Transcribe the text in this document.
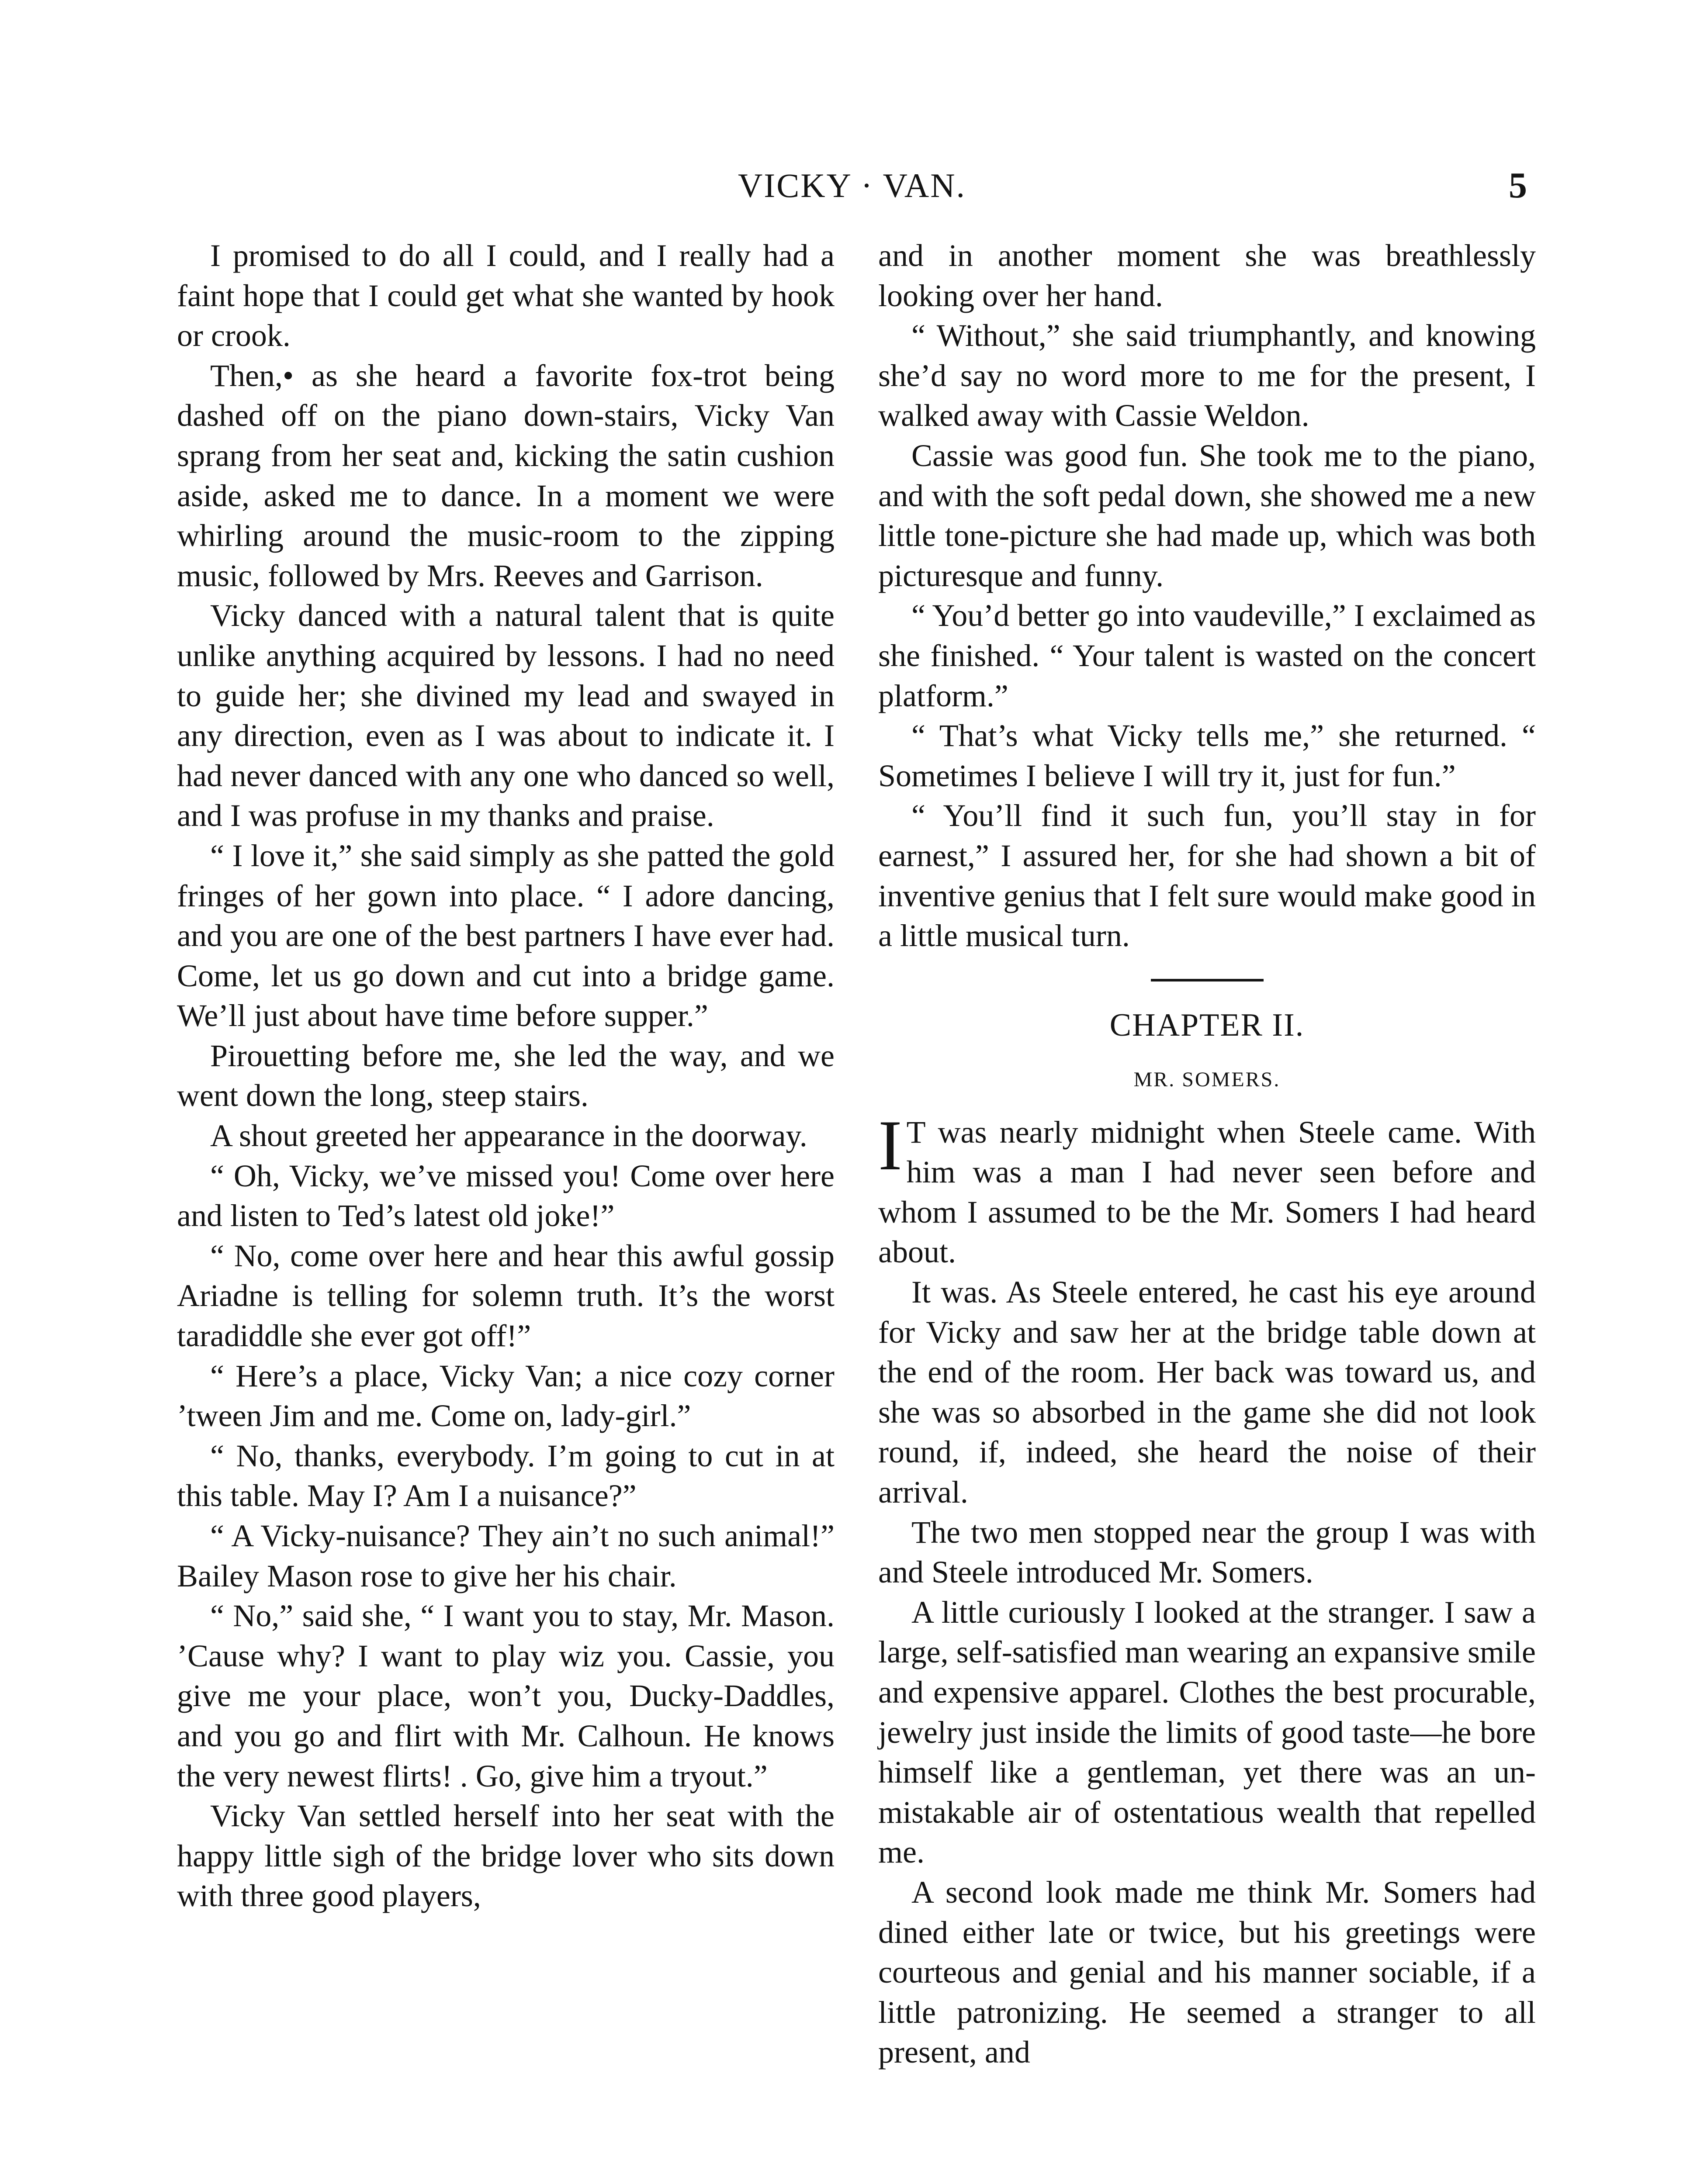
VICKY · VAN.	5

I promised to do all I could, and I really had a faint hope that I could get what she wanted by hook or crook.

Then,• as she heard a favorite fox-trot being dashed off on the piano down-stairs, Vicky Van sprang from her seat and, kicking the satin cushion aside, asked me to dance. In a moment we were whirling around the music-room to the zipping music, followed by Mrs. Reeves and Garrison.

Vicky danced with a natural talent that is quite unlike anything acquired by lessons. I had no need to guide her; she divined my lead and swayed in any direction, even as I was about to indicate it. I had never danced with any one who danced so well, and I was profuse in my thanks and praise.

“ I love it,” she said simply as she patted the gold fringes of her gown into place. “ I adore dancing, and you are one of the best partners I have ever had. Come, let us go down and cut into a bridge game. We’ll just about have time before supper.”

Pirouetting before me, she led the way, and we went down the long, steep stairs.

A shout greeted her appearance in the doorway.

“ Oh, Vicky, we’ve missed you! Come over here and listen to Ted’s latest old joke!”

“ No, come over here and hear this awful gossip Ariadne is telling for solemn truth. It’s the worst taradiddle she ever got off!”

“ Here’s a place, Vicky Van; a nice cozy corner ’tween Jim and me. Come on, lady-girl.”

“ No, thanks, everybody. I’m going to cut in at this table. May I? Am I a nuisance?”

“ A Vicky-nuisance? They ain’t no such animal!” Bailey Mason rose to give her his chair.

“ No,” said she, “ I want you to stay, Mr. Mason. ’Cause why? I want to play wiz you. Cassie, you give me your place, won’t you, Ducky-Daddles, and you go and flirt with Mr. Calhoun. He knows the very newest flirts! . Go, give him a tryout.”

Vicky Van settled herself into her seat with the happy little sigh of the bridge lover who sits down with three good players,

and in another moment she was breathlessly looking over her hand.

“ Without,” she said triumphantly, and knowing she’d say no word more to me for the present, I walked away with Cassie Weldon.

Cassie was good fun. She took me to the piano, and with the soft pedal down, she showed me a new little tone-picture she had made up, which was both picturesque and funny.

“ You’d better go into vaudeville,” I exclaimed as she finished. “ Your talent is wasted on the concert platform.”

“ That’s what Vicky tells me,” she returned. “ Sometimes I believe I will try it, just for fun.”

“ You’ll find it such fun, you’ll stay in for earnest,” I assured her, for she had shown a bit of inventive genius that I felt sure would make good in a little musical turn.

CHAPTER II.
MR. SOMERS.

I T was nearly midnight when Steele came. With him was a man I had never seen before and whom I assumed to be the Mr. Somers I had heard about.

It was. As Steele entered, he cast his eye around for Vicky and saw her at the bridge table down at the end of the room. Her back was toward us, and she was so absorbed in the game she did not look round, if, indeed, she heard the noise of their arrival.

The two men stopped near the group I was with and Steele introduced Mr. Somers.

A little curiously I looked at the stranger. I saw a large, self-satisfied man wearing an expansive smile and expensive apparel. Clothes the best procurable, jewelry just inside the limits of good taste—he bore himself like a gentleman, yet there was an unmistakable air of ostentatious wealth that repelled me.

A second look made me think Mr. Somers had dined either late or twice, but his greetings were courteous and genial and his manner sociable, if a little patronizing. He seemed a stranger to all present, and
